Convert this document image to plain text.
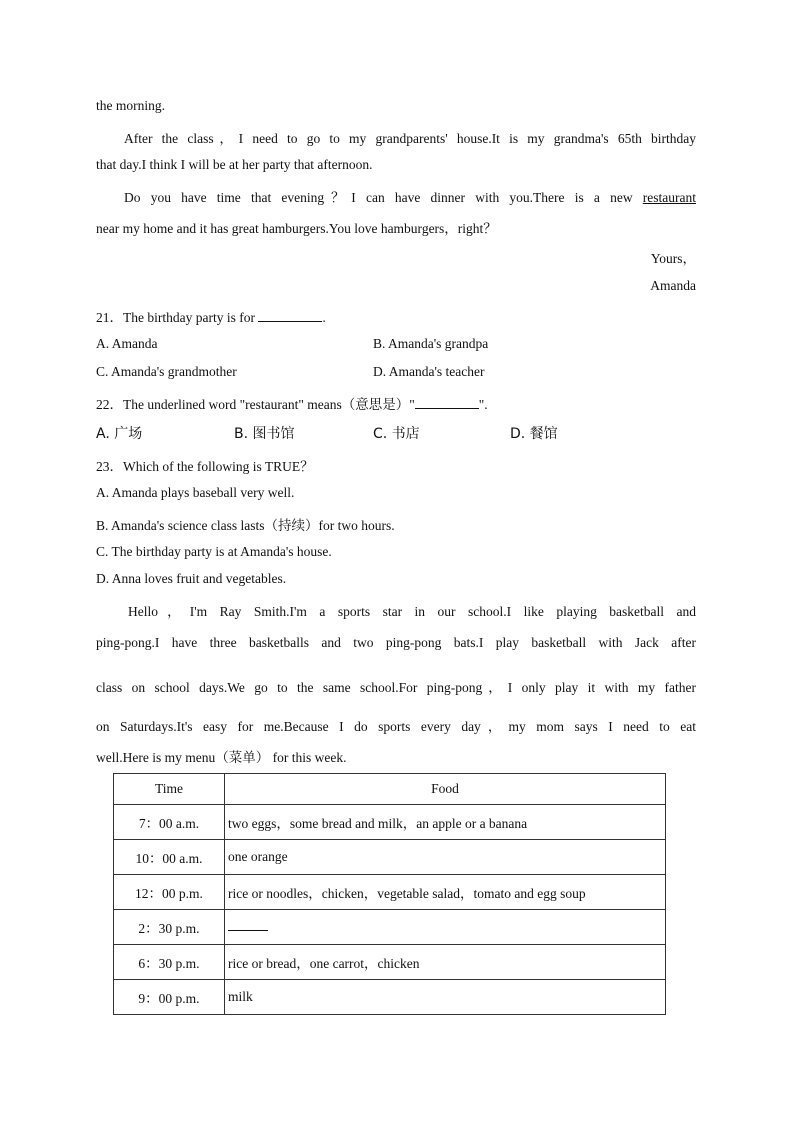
the morning.
After the class，I need to go to my grandparents' house.It is my grandma's 65th birthday
that day.I think I will be at her party that afternoon.
Do you have time that evening？I can have dinner with you.There is a new restaurant
near my home and it has great hamburgers.You love hamburgers，right？
Yours，
Amanda
21．The birthday party is for	.
A. Amanda	B. Amanda's grandpa
C. Amanda's grandmother	D. Amanda's teacher
22．The underlined word "restaurant" means（意思是）"	".
A. 广场	B. 图书馆	C. 书店	D. 餐馆
23．Which of the following is TRUE？
A. Amanda plays baseball very well.
B. Amanda's science class lasts（持续）for two hours.
C. The birthday party is at Amanda's house.
D. Anna loves fruit and vegetables.
Hello，I'm Ray Smith.I'm a sports star in our school.I like playing basketball and
ping-pong.I have three basketballs and two ping-pong bats.I play basketball with Jack after
class on school days.We go to the same school.For ping-pong，I only play it with my father
on Saturdays.It's easy for me.Because I do sports every day，my mom says I need to eat
well.Here is my menu（菜单） for this week.
Time	Food
7：00 a.m.	two eggs，some bread and milk，an apple or a banana
10：00 a.m.	one orange
12：00 p.m.	rice or noodles，chicken，vegetable salad，tomato and egg soup
2：30 p.m.	
6：30 p.m.	rice or bread，one carrot，chicken
9：00 p.m.	milk
